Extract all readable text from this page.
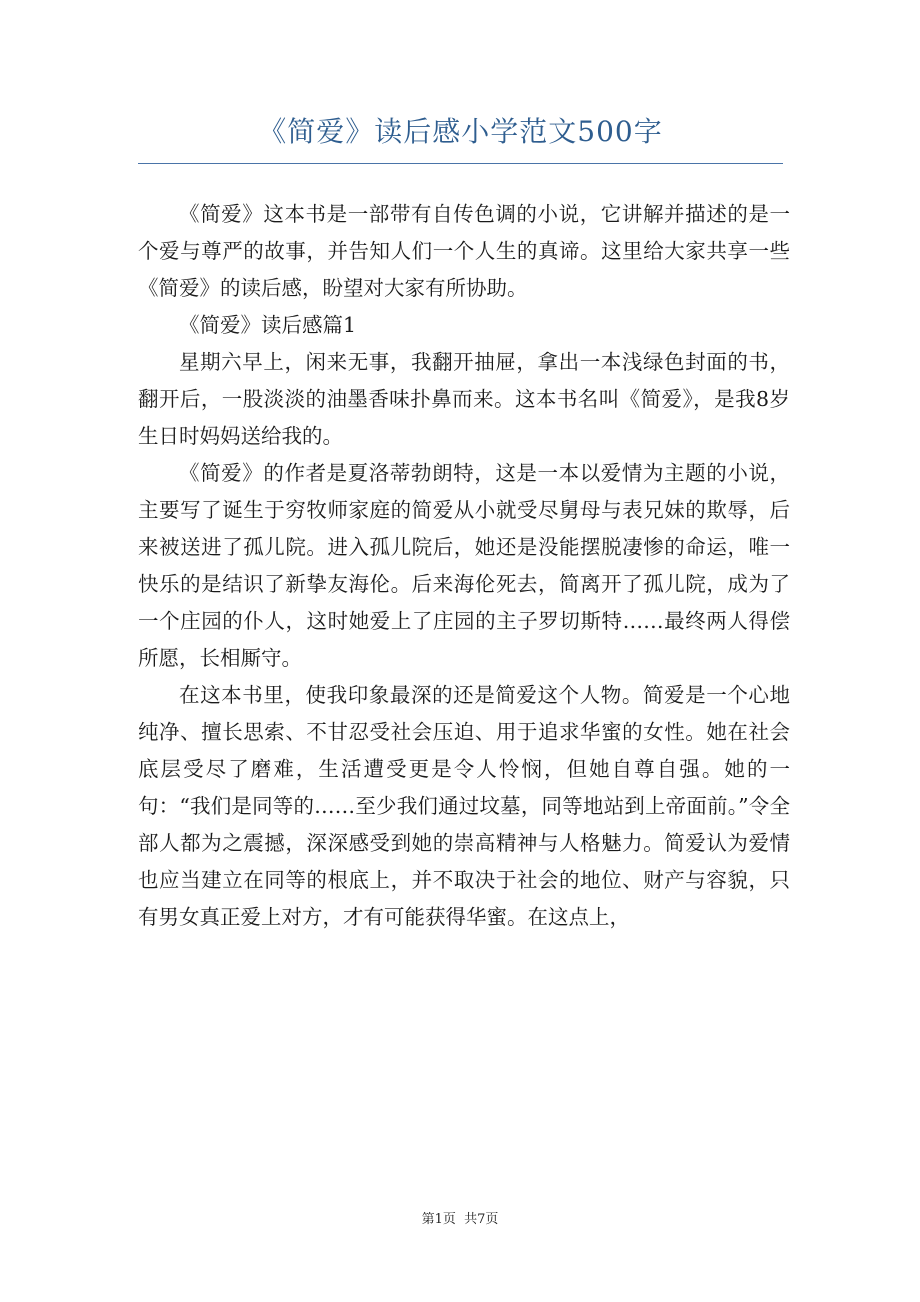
《简爱》读后感小学范文500字

《简爱》这本书是一部带有自传色调的小说，它讲解并描述的是一个爱与尊严的故事，并告知人们一个人生的真谛。这里给大家共享一些《简爱》的读后感，盼望对大家有所协助。

《简爱》读后感篇1

星期六早上，闲来无事，我翻开抽屉，拿出一本浅绿色封面的书，翻开后，一股淡淡的油墨香味扑鼻而来。这本书名叫《简爱》，是我8岁生日时妈妈送给我的。

《简爱》的作者是夏洛蒂勃朗特，这是一本以爱情为主题的小说，主要写了诞生于穷牧师家庭的简爱从小就受尽舅母与表兄妹的欺辱，后来被送进了孤儿院。进入孤儿院后，她还是没能摆脱凄惨的命运，唯一快乐的是结识了新挚友海伦。后来海伦死去，简离开了孤儿院，成为了一个庄园的仆人，这时她爱上了庄园的主子罗切斯特……最终两人得偿所愿，长相厮守。

在这本书里，使我印象最深的还是简爱这个人物。简爱是一个心地纯净、擅长思索、不甘忍受社会压迫、用于追求华蜜的女性。她在社会底层受尽了磨难，生活遭受更是令人怜悯，但她自尊自强。她的一句：“我们是同等的……至少我们通过坟墓，同等地站到上帝面前。”令全部人都为之震撼，深深感受到她的崇高精神与人格魅力。简爱认为爱情也应当建立在同等的根底上，并不取决于社会的地位、财产与容貌，只有男女真正爱上对方，才有可能获得华蜜。在这点上，

第1页  共7页
